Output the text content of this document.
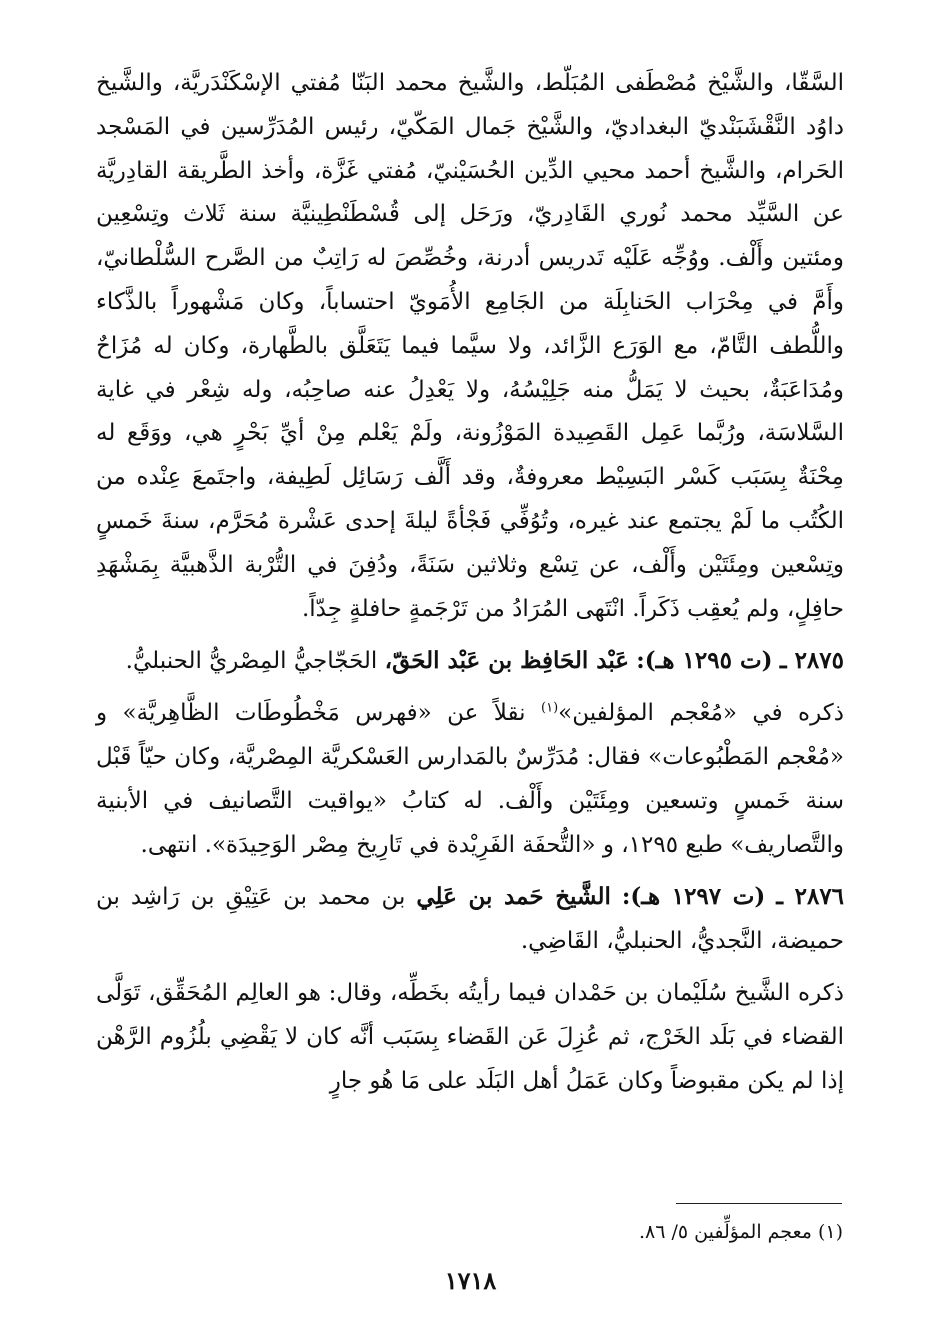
السَّقّا، والشَّيْخ مُصْطَفى المُبَلّط، والشَّيخ محمد البَنّا مُفتي الإسْكَنْدَريَّة، والشَّيخ داوُد النَّقْشَبَنْديّ البغداديّ، والشَّيْخ جَمال المَكّيّ، رئيس المُدَرِّسين في المَسْجد الحَرام، والشَّيخ أحمد محيي الدِّين الحُسَيْنيّ، مُفتي غَزَّة، وأخذ الطَّريقة القادِريَّة عن السَّيِّد محمد نُوري القَادِريّ، ورَحَل إلى قُسْطَنْطِينيَّة سنة ثَلاث وتِسْعِين ومئتين وأَلْف. ووُجِّه عَلَيْه تَدريس أدرنة، وخُصِّصَ له رَاتِبٌ من الصَّرح السُّلْطانيّ، وأَمَّ في مِحْرَاب الحَنابِلَة من الجَامِع الأُمَويّ احتساباً، وكان مَشْهوراً بالذَّكاء واللُّطف التَّامّ، مع الوَرَع الزَّائد، ولا سيَّما فيما يَتَعَلَّق بالطَّهارة، وكان له مُزَاحٌ ومُدَاعَبَةٌ، بحيث لا يَمَلُّ منه جَلِيْسُهُ، ولا يَعْدِلُ عنه صاحِبُه، وله شِعْر في غاية السَّلاسَة، ورُبَّما عَمِل القَصِيدة المَوْزُونة، ولَمْ يَعْلم مِنْ أيِّ بَحْرٍ هي، ووَقَع له مِحْنَةٌ بِسَبَب كَسْر البَسِيْط معروفةٌ، وقد أَلَّف رَسَائِل لَطِيفة، واجتَمعَ عِنْده من الكُتُب ما لَمْ يجتمع عند غيره، وتُوُفِّي فَجْأةً ليلةَ إحدى عَشْرة مُحَرَّم، سنةَ خَمسٍ وتِسْعين ومِئَتَيْن وأَلْف، عن تِسْع وثلاثين سَنَةً، ودُفِنَ في التُّرْبة الذَّهبيَّة بِمَشْهَدِ حافِلٍ، ولم يُعقِب ذَكَراً. انْتَهى المُرَادُ من تَرْجَمةٍ حافلةٍ جِدّاً.

٢٨٧٥ ـ (ت ١٢٩٥ هـ): عَبْد الحَافِظ بن عَبْد الحَقّ، الحَجّاجيُّ المِصْريُّ الحنبليُّ.

ذكره في «مُعْجم المؤلفين»$^{(١)}$ نقلاً عن «فهرس مَخْطُوطَات الظَّاهِريَّة» و «مُعْجم المَطْبُوعات» فقال: مُدَرِّسٌ بالمَدارس العَسْكريَّة المِصْريَّة، وكان حيّاً قَبْل سنة خَمسٍ وتسعين ومِئَتَيْن وأَلْف. له كتابُ «يواقيت التَّصانيف في الأبنية والتَّصاريف» طبع ١٢٩٥، و «التُّحفَة الفَرِيْدة في تَارِيخ مِصْر الوَحِيدَة». انتهى.

٢٨٧٦ ـ (ت ١٢٩٧ هـ): الشَّيخ حَمد بن عَلِي بن محمد بن عَتِيْقِ بن رَاشِد بن حميضة، النَّجديُّ، الحنبليُّ، القَاضِي.

ذكره الشَّيخ سُلَيْمان بن حَمْدان فيما رأيتُه بخَطِّه، وقال: هو العالِم المُحَقِّق، تَوَلَّى القضاء في بَلَد الخَرْج، ثم عُزِلَ عَن القَضاء بِسَبَب أنَّه كان لا يَقْضِي بلُزُوم الرَّهْن إذا لم يكن مقبوضاً وكان عَمَلُ أهل البَلَد على مَا هُو جارٍ

(١) معجم المؤلِّفين ٥/ ٨٦.
١٧١٨
